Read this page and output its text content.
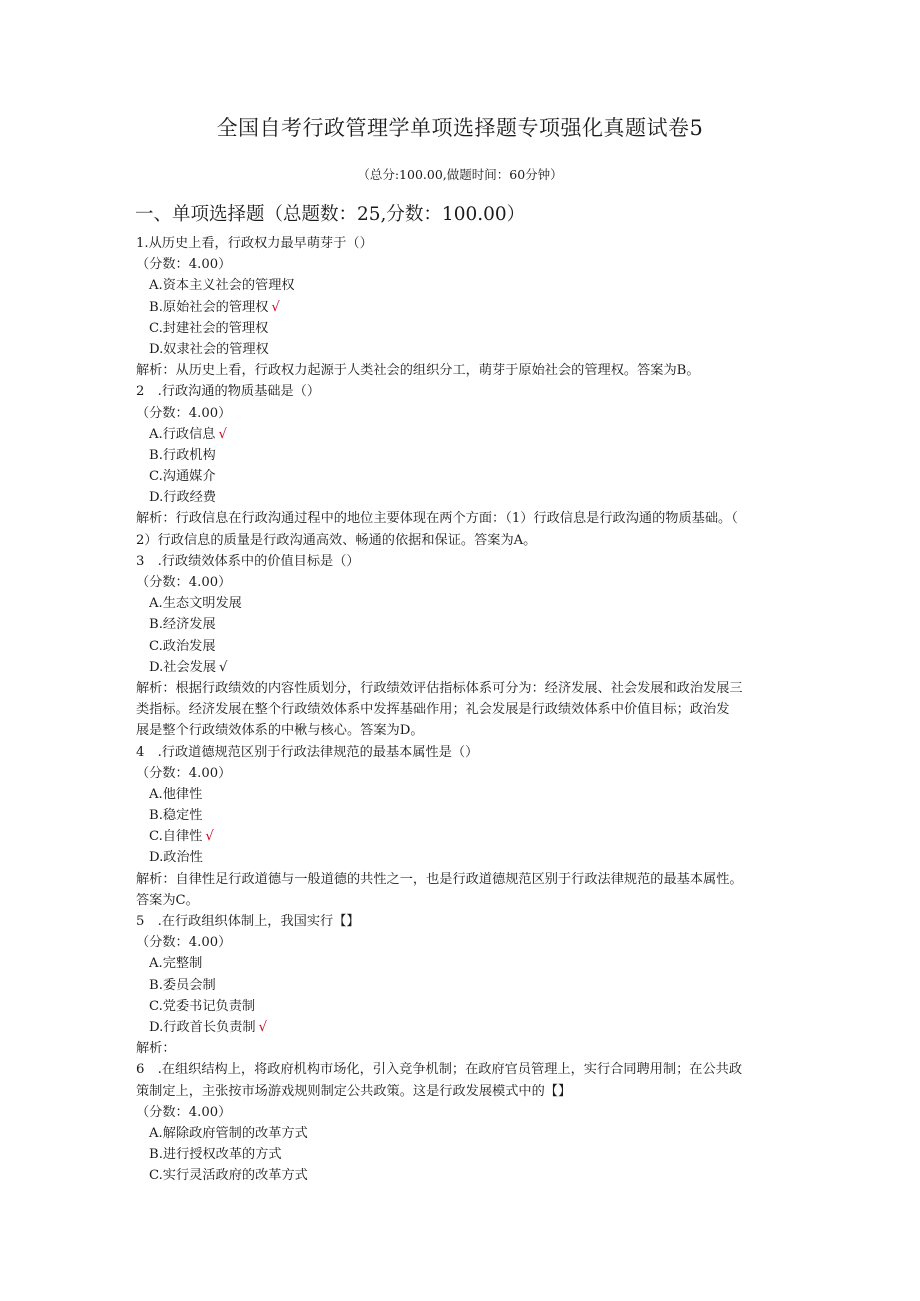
全国自考行政管理学单项选择题专项强化真题试卷5
（总分:100.00,做题时间：60分钟）
一、单项选择题（总题数：25,分数：100.00）
1.从历史上看，行政权力最早萌芽于（）
（分数：4.00）
A.资本主义社会的管理权
B.原始社会的管理权 √
C.封建社会的管理权
D.奴隶社会的管理权
解析：从历史上看，行政权力起源于人类社会的组织分工，萌芽于原始社会的管理权。答案为B。
2　.行政沟通的物质基础是（）
（分数：4.00）
A.行政信息 √
B.行政机构
C.沟通媒介
D.行政经费
解析：行政信息在行政沟通过程中的地位主要体现在两个方面：（1）行政信息是行政沟通的物质基础。（
2）行政信息的质量是行政沟通高效、畅通的依据和保证。答案为A。
3　.行政绩效体系中的价值目标是（）
（分数：4.00）
A.生态文明发展
B.经济发展
C.政治发展
D.社会发展 √
解析：根据行政绩效的内容性质划分，行政绩效评估指标体系可分为：经济发展、社会发展和政治发展三
类指标。经济发展在整个行政绩效体系中发挥基础作用；礼会发展是行政绩效体系中价值目标；政治发
展是整个行政绩效体系的中楸与核心。答案为D。
4　.行政道德规范区别于行政法律规范的最基本属性是（）
（分数：4.00）
A.他律性
B.稳定性
C.自律性 √
D.政治性
解析：自律性足行政道德与一般道德的共性之一，也是行政道德规范区别于行政法律规范的最基本属性。
答案为C。
5　.在行政组织体制上，我国实行【】
（分数：4.00）
A.完整制
B.委员会制
C.党委书记负责制
D.行政首长负责制 √
解析：
6　.在组织结构上，将政府机构市场化，引入竞争机制；在政府官员管理上，实行合同聘用制；在公共政
策制定上，主张按市场游戏规则制定公共政策。这是行政发展模式中的【】
（分数：4.00）
A.解除政府管制的改革方式
B.进行授权改革的方式
C.实行灵活政府的改革方式
